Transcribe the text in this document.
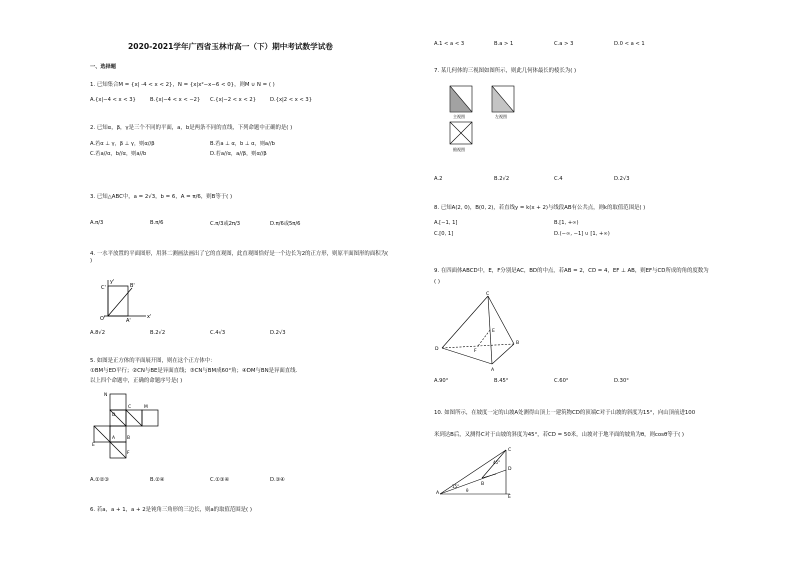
2020-2021学年广西省玉林市高一（下）期中考试数学试卷
一、选择题
1. 已知集合M = {x| -4 < x < 2}，N = {x|x²−x−6 < 0}，则M ∪ N = ( )
A.{x|−4 < x < 3}	B.{x|−4 < x < −2} C.{x|−2 < x < 2}	D.{x|2 < x < 3}
2. 已知α，β，γ是三个不同的平面，a，b是两条不同的直线，下列命题中正确的是( )
A.若α ⊥ γ，β ⊥ γ，则α//β	B.若a ⊥ α，b ⊥ α，则a//b
C.若a//α，b//α，则a//b	D.若a//α，a//β，则α//β
3. 已知△ABC中，a = 2√3，b = 6，A = π/6，则B等于( )
A.π/3	B.π/6	C.π/3或2π/3	D.π/6或5π/6
4. 一水平放置的平面图形，用斜二测画法画出了它的直观图，此直观图恰好是一个边长为2的正方形，则原平面图形的面积为( )
y'
x'
C'	B'
O'	A'
A.8√2	B.2√2	C.4√3	D.2√3
5. 如图是正方体的平面展开图，则在这个正方体中：
①BM与ED平行；②CN与BE是异面直线；③CN与BM成60°角；④DM与BN是异面直线.
以上四个命题中，正确的命题序号是( )
N
D
C	M
E
A	B
F
A.①②③	B.②④	C.①③④	D.③④
6. 若a，a + 1，a + 2是钝角三角形的三边长，则a的取值范围是( )
A.1 < a < 3	B.a > 1	C.a > 3	D.0 < a < 1
7. 某几何体的三视图如图所示，则此几何体最长的棱长为( )
主视图	左视图
俯视图
A.2	B.2√2	C.4	D.2√3
8. 已知A(2, 0)，B(0, 2)，若直线y = k(x + 2)与线段AB有公共点，则k的取值范围是( )
A.[−1, 1]	B.[1, +∞)
C.[0, 1]	D.(−∞, −1] ∪ [1, +∞)
9. 在四面体ABCD中，E，F分别是AC，BD的中点，若AB = 2，CD = 4，EF ⊥ AB，则EF与CD所成的角的度数为
( )
C
D
E
F
B
A
A.90°	B.45°	C.60°	D.30°
10. 如图所示，在坡度一定的山坡A处测得山顶上一建筑物CD的顶端C对于山坡的斜度为15°，向山顶前进100
米到达B后，又测得C对于山坡的斜度为45°，若CD = 50米，山坡对于地平面的坡角为θ，则cosθ等于( )
C
D
B
A
E
15°
45°
θ
